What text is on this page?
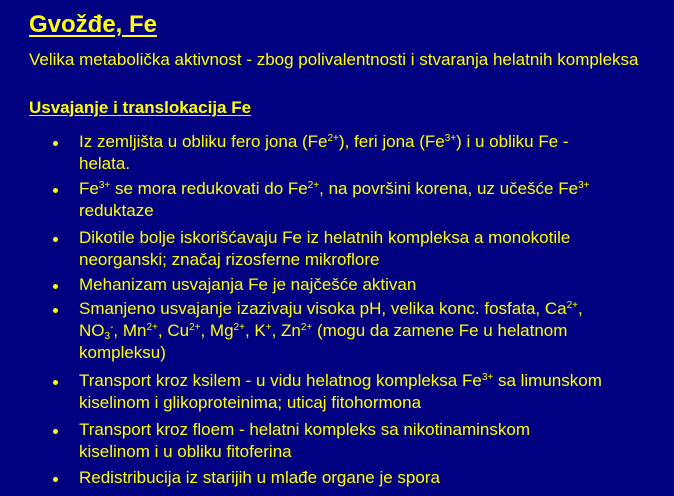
Gvožđe, Fe
Velika metabolička aktivnost - zbog polivalentnosti i stvaranja helatnih kompleksa
Usvajanje i translokacija Fe
Iz zemljišta u obliku fero jona $(Fe^{2+})$, feri jona $(Fe^{3+})$ i u obliku Fe -
helata.
$Fe^{3+}$ se mora redukovati do $Fe^{2+}$, na površini korena, uz učešće $Fe^{3+}$
reduktaze
Dikotile bolje iskorišćavaju Fe iz helatnih kompleksa a monokotile
neorganski; značaj rizosferne mikroflore
Mehanizam usvajanja Fe je najčešće aktivan
Smanjeno usvajanje izazivaju visoka pH, velika konc. fosfata, $Ca^{2+}$,
$NO_3^-$, $Mn^{2+}$, $Cu^{2+}$, $Mg^{2+}$, K+, $Zn^{2+}$ (mogu da zamene Fe u helatnom
kompleksu)
Transport kroz ksilem - u vidu helatnog kompleksa $Fe^{3+}$ sa limunskom
kiselinom i glikoproteinima; uticaj fitohormona
Transport kroz floem - helatni kompleks sa nikotinaminskom
kiselinom i u obliku fitoferina
Redistribucija iz starijih u mlađe organe je spora
